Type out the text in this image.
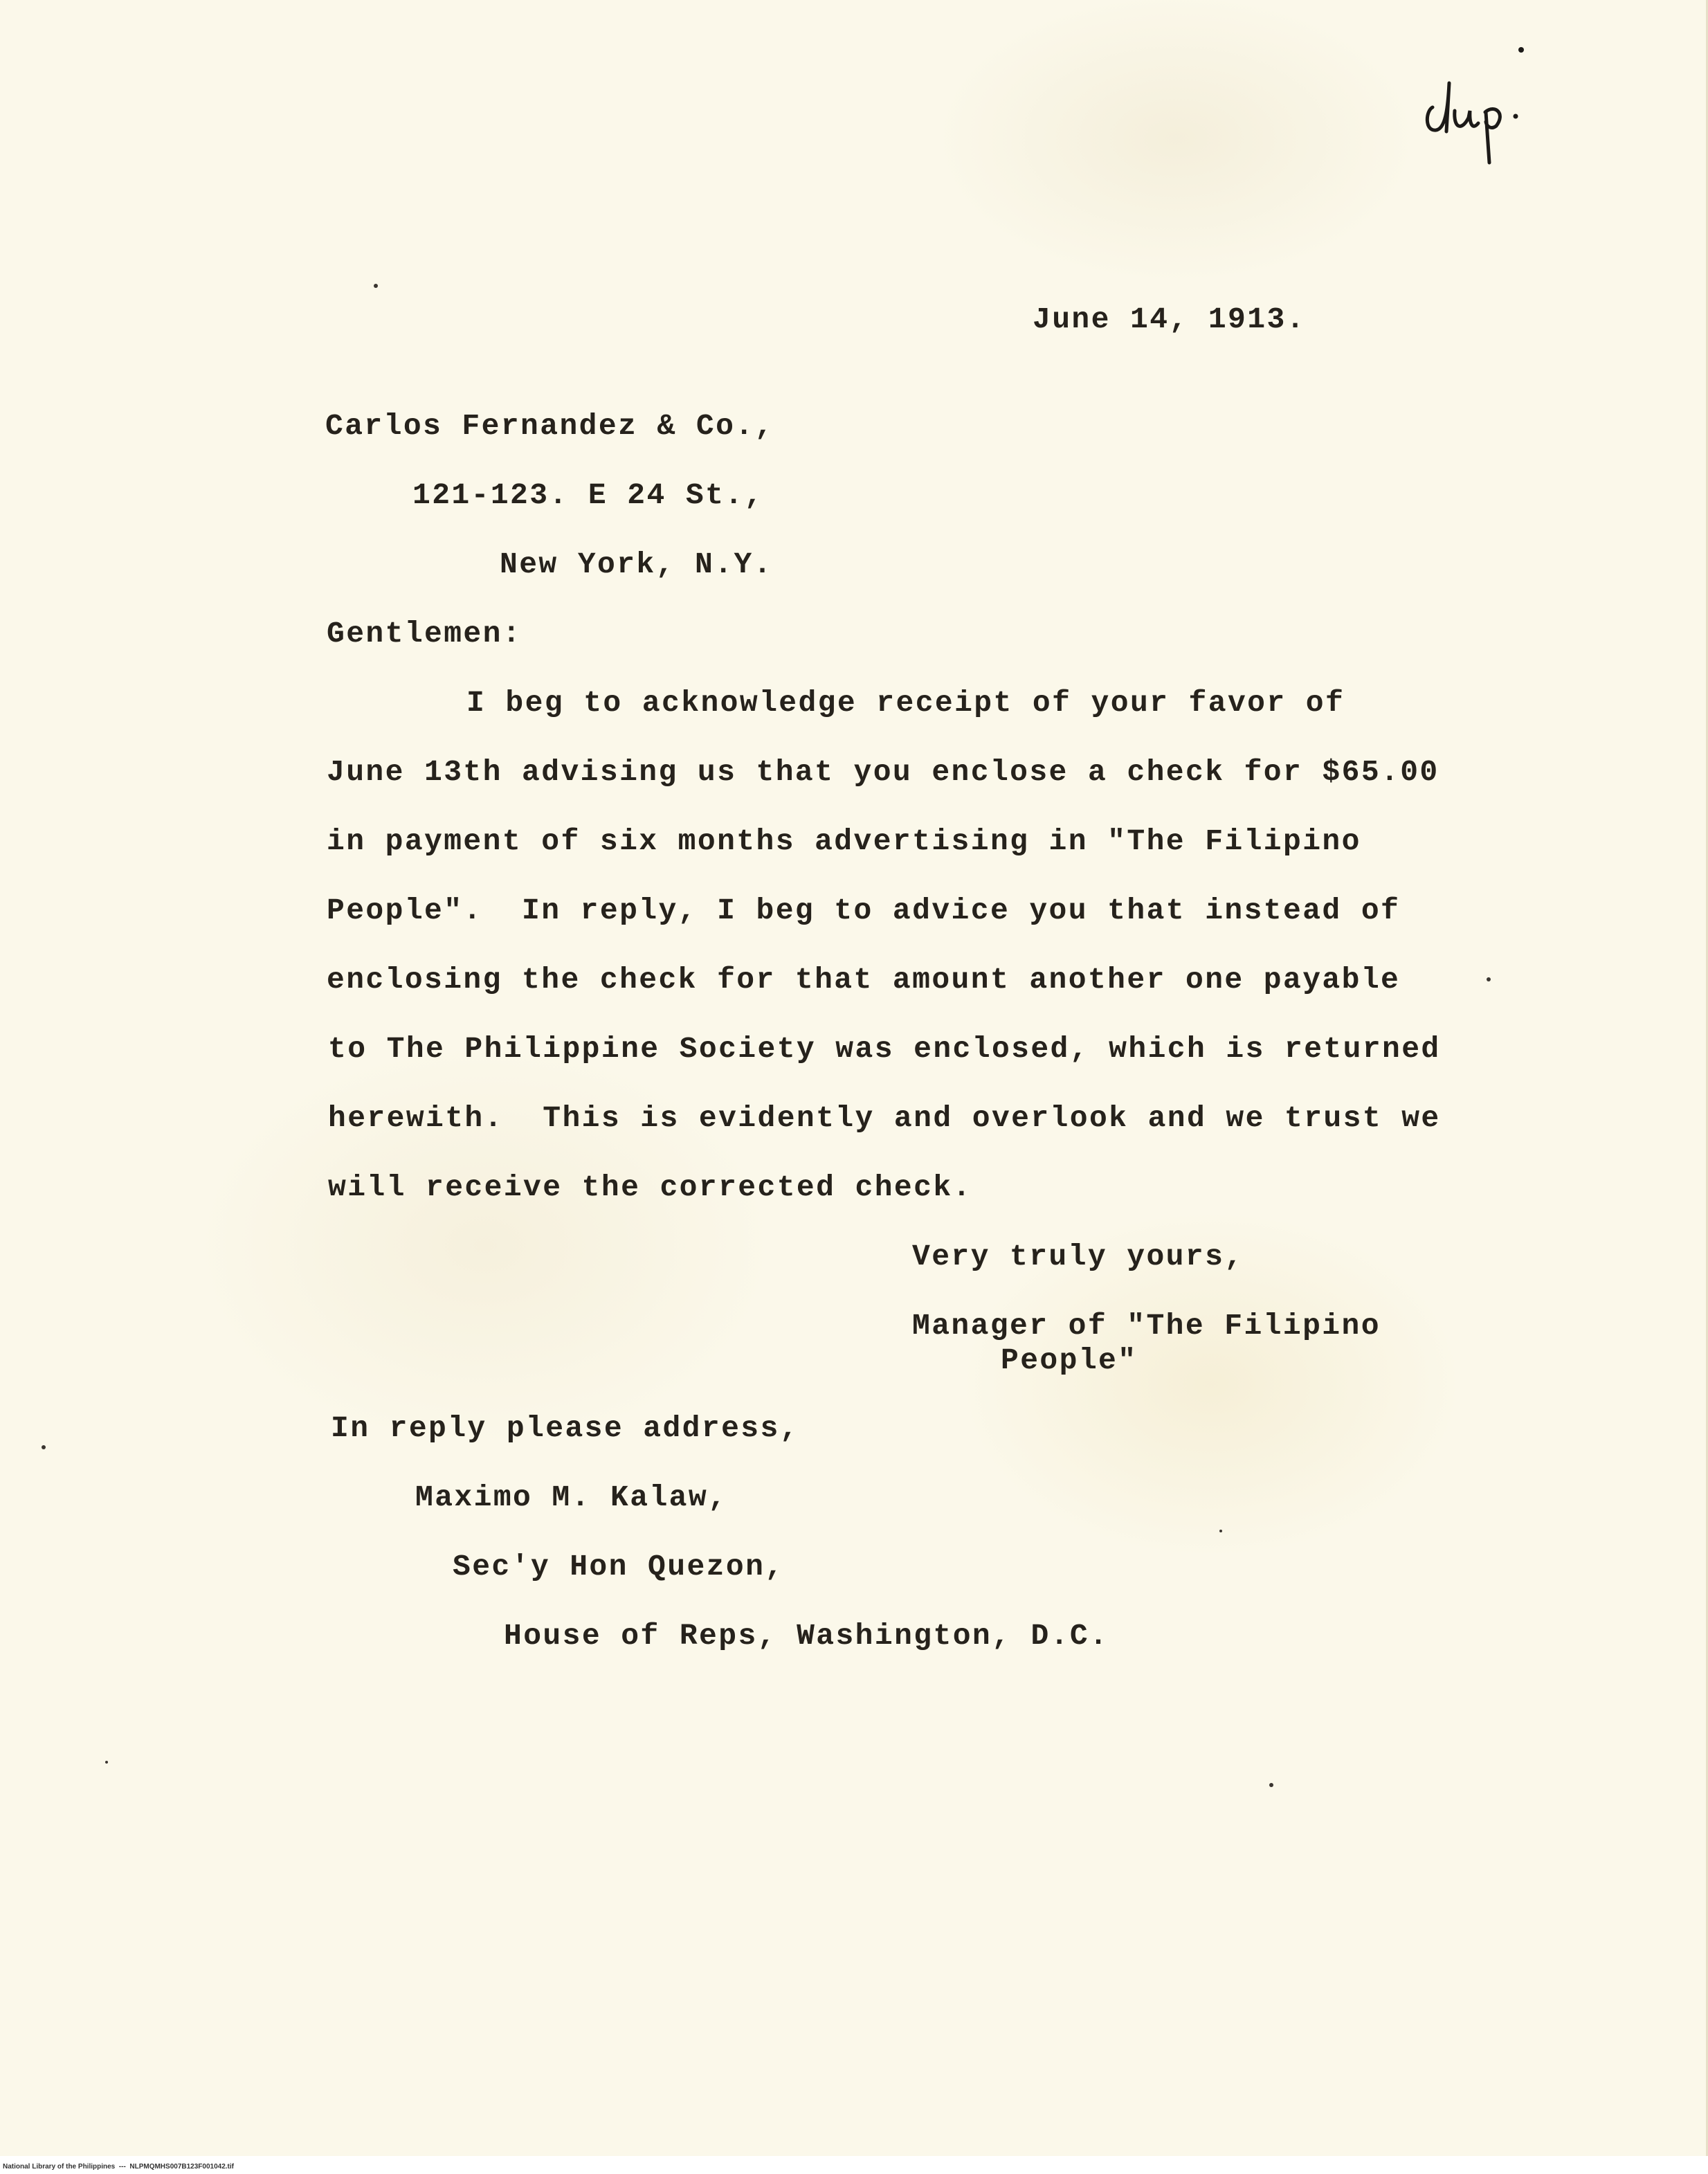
June 14, 1913.

Carlos Fernandez & Co.,

121-123. E 24 St.,

New York, N.Y.

Gentlemen:

I beg to acknowledge receipt of your favor of

June 13th advising us that you enclose a check for $65.00

in payment of six months advertising in "The Filipino

People".  In reply, I beg to advice you that instead of

enclosing the check for that amount another one payable

to The Philippine Society was enclosed, which is returned

herewith.  This is evidently and overlook and we trust we

will receive the corrected check.

Very truly yours,

Manager of "The Filipino

People"

In reply please address,

Maximo M. Kalaw,

Sec'y Hon Quezon,

House of Reps, Washington, D.C.

National Library of the Philippines  ---  NLPMQMHS007B123F001042.tif
